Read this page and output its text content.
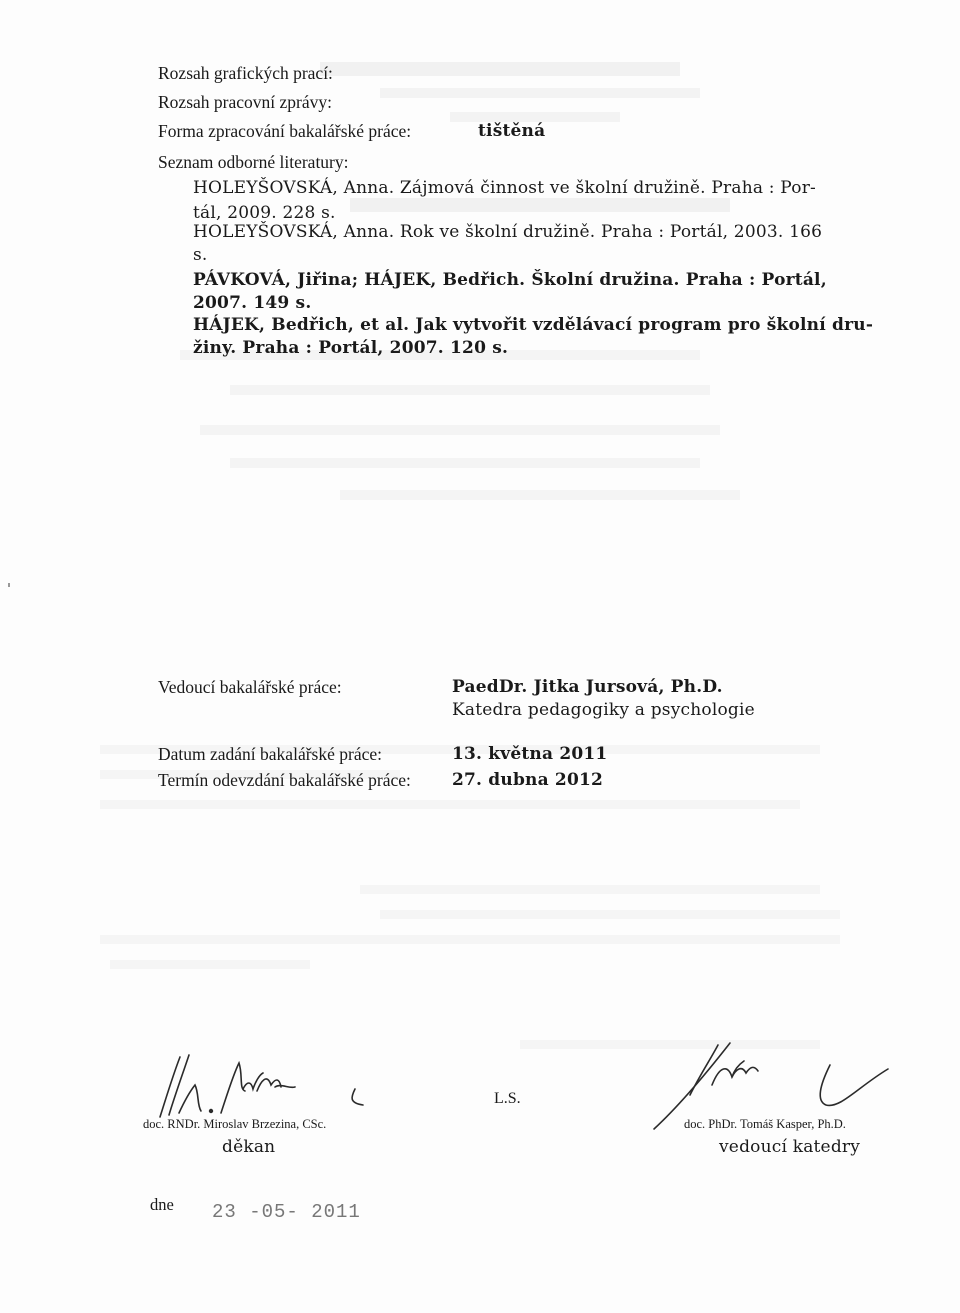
Rozsah grafických prací:
Rozsah pracovní zprávy:
Forma zpracování bakalářské práce:	tištěná
Seznam odborné literatury:
HOLEYŠOVSKÁ, Anna. Zájmová činnost ve školní družině. Praha : Por-
tál, 2009. 228 s.
HOLEYŠOVSKÁ, Anna. Rok ve školní družině. Praha : Portál, 2003. 166
s.
PÁVKOVÁ, Jiřina; HÁJEK, Bedřich. Školní družina. Praha : Portál,
2007. 149 s.
HÁJEK, Bedřich, et al. Jak vytvořit vzdělávací program pro školní dru-
žiny. Praha : Portál, 2007. 120 s.
Vedoucí bakalářské práce:	PaedDr. Jitka Jursová, Ph.D.
Katedra pedagogiky a psychologie
Datum zadání bakalářské práce:	13. května 2011
Termín odevzdání bakalářské práce: 27. dubna 2012
doc. RNDr. Miroslav Brzezina, CSc.
děkan
L.S.
doc. PhDr. Tomáš Kasper, Ph.D.
vedoucí katedry
dne 23 -05- 2011
